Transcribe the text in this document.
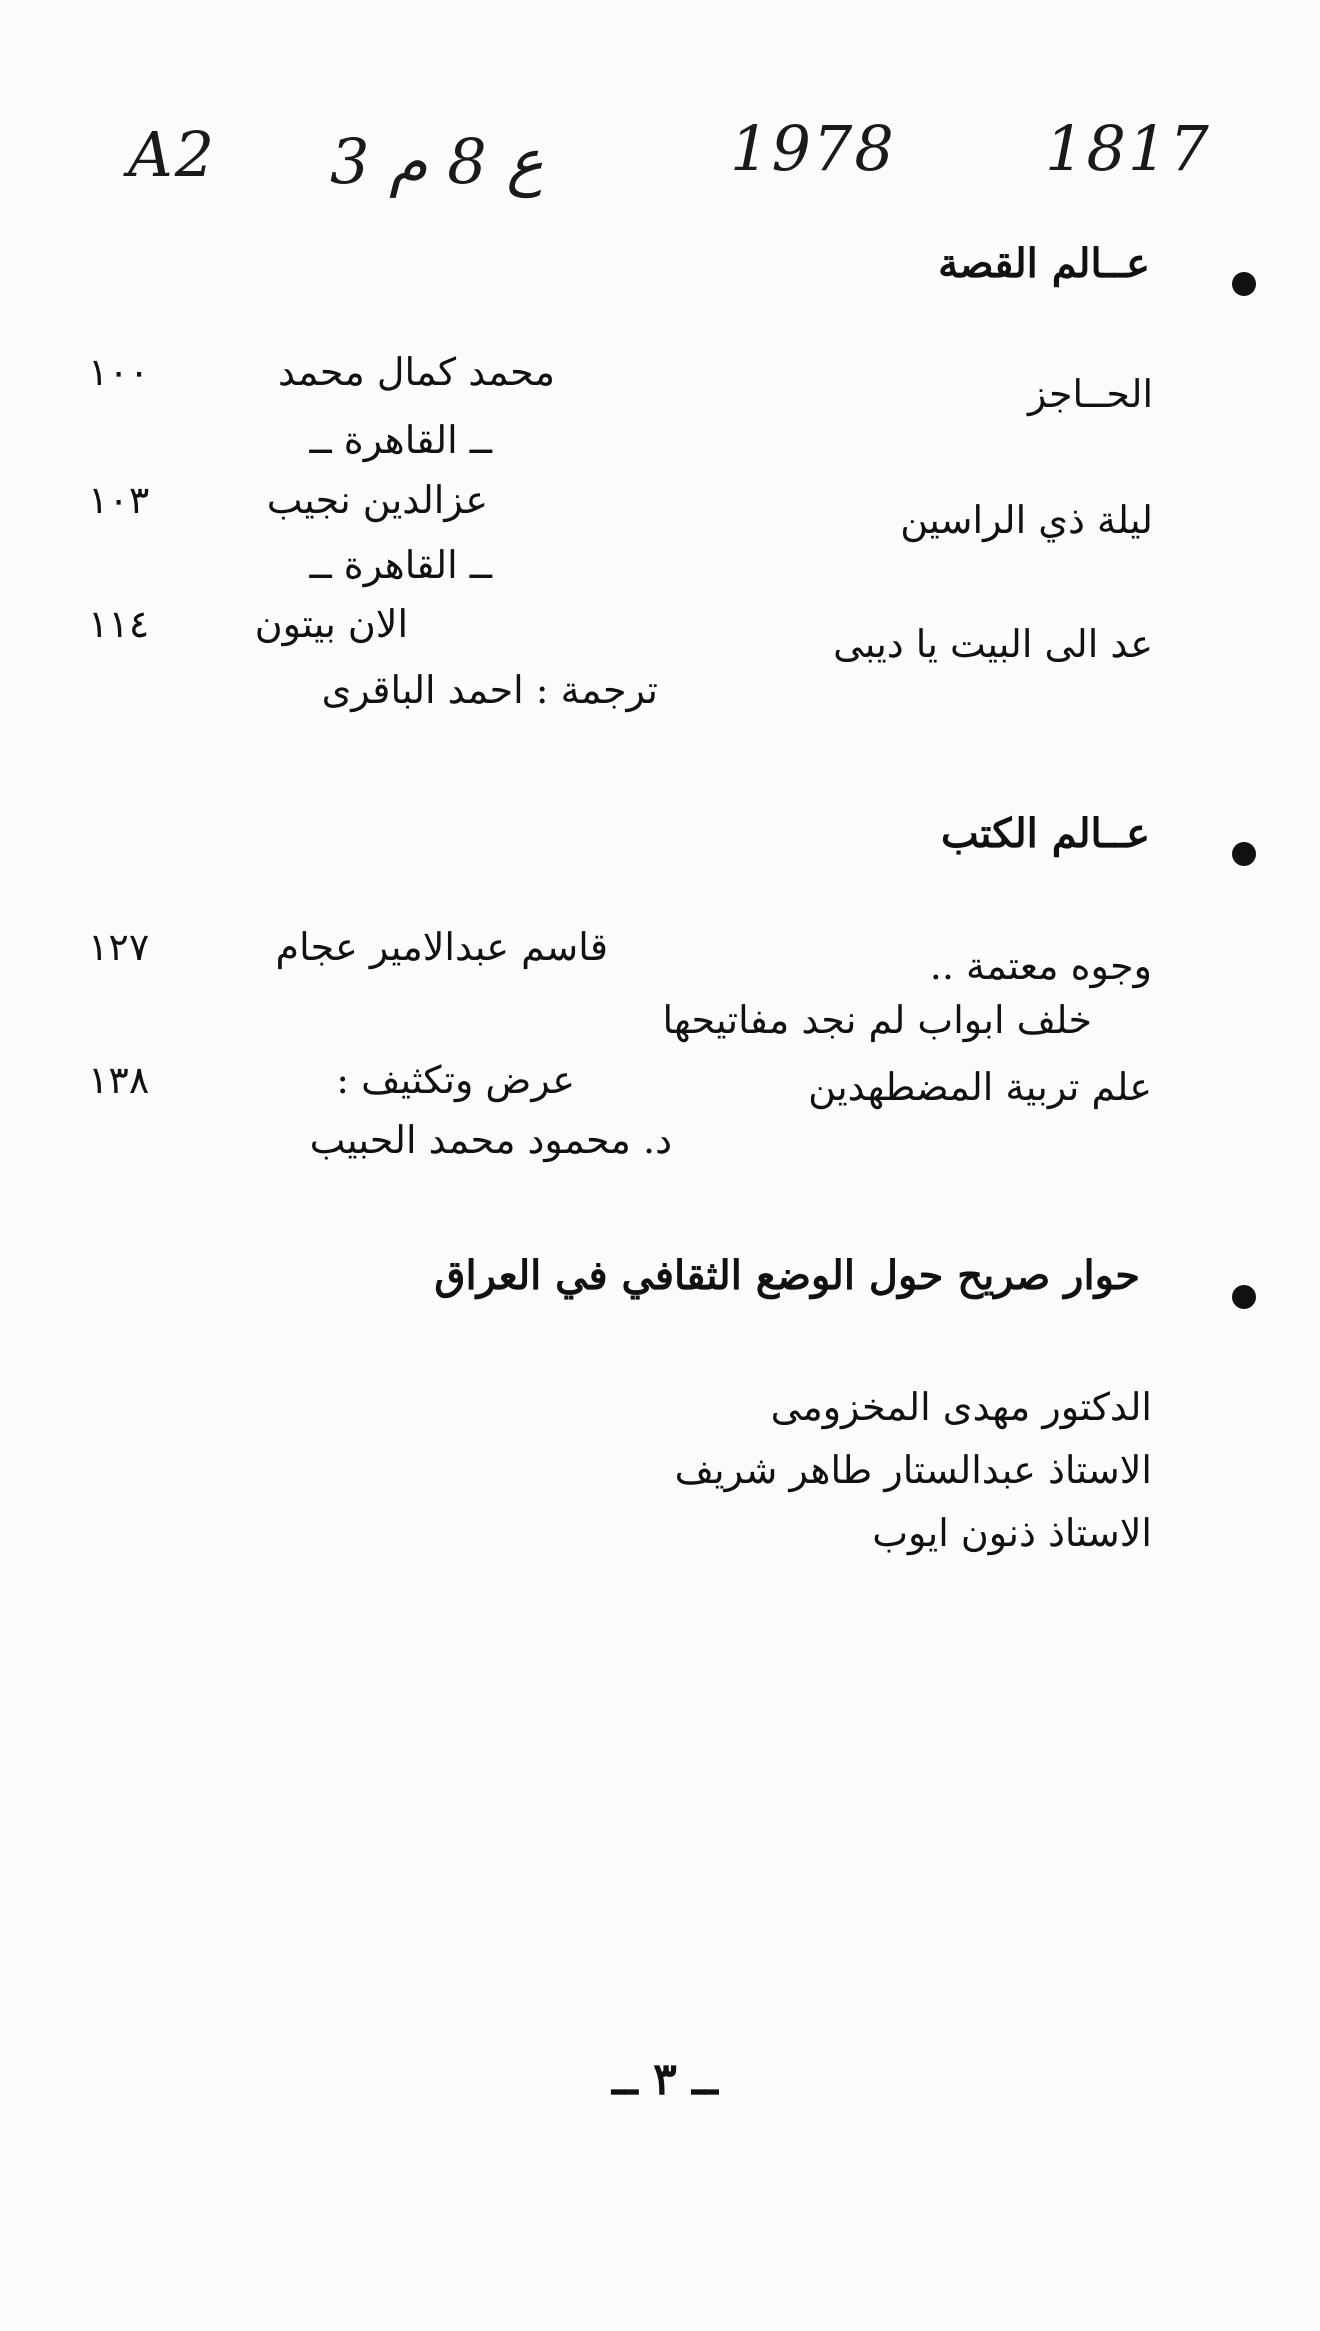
A2 3 ع 8 م	1978 1817
عــالم القصة
الحــاجز
محمد كمال محمد
ــ القاهرة ــ
١٠٠
ليلة ذي الراسين
عزالدين نجيب
ــ القاهرة ــ
١٠٣
عد الى البيت يا ديبى
الان بيتون
ترجمة : احمد الباقرى
١١٤
عــالم الكتب
وجوه معتمة ..
قاسم عبدالامير عجام
خلف ابواب لم نجد مفاتيحها
١٢٧
علم تربية المضطهدين
عرض وتكثيف :
د. محمود محمد الحبيب
١٣٨
حوار صريح حول الوضع الثقافي في العراق
الدكتور مهدى المخزومى
الاستاذ عبدالستار طاهر شريف
الاستاذ ذنون ايوب
ــ ٣ ــ
